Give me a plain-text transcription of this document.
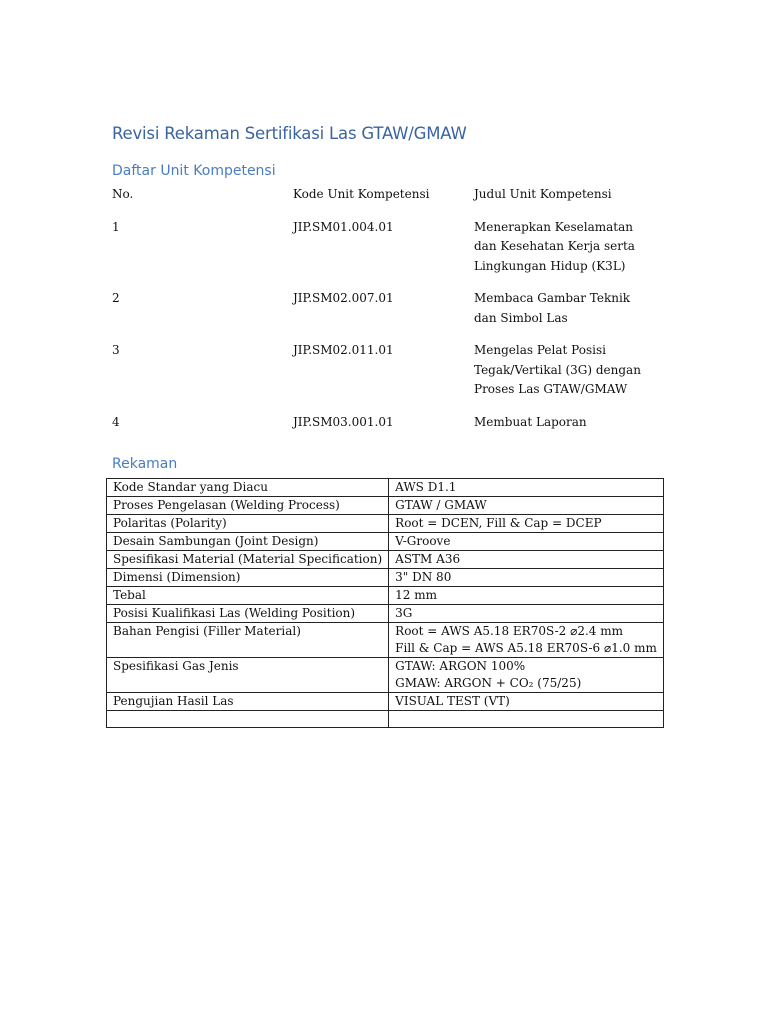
Revisi Rekaman Sertifikasi Las GTAW/GMAW
Daftar Unit Kompetensi
No.	Kode Unit Kompetensi	Judul Unit Kompetensi
1	JIP.SM01.004.01	Menerapkan Keselamatan
dan Kesehatan Kerja serta
Lingkungan Hidup (K3L)
2	JIP.SM02.007.01	Membaca Gambar Teknik
dan Simbol Las
3	JIP.SM02.011.01	Mengelas Pelat Posisi
Tegak/Vertikal (3G) dengan
Proses Las GTAW/GMAW
4	JIP.SM03.001.01	Membuat Laporan
Rekaman
Kode Standar yang Diacu	AWS D1.1

Proses Pengelasan (Welding Process)	GTAW / GMAW

Polaritas (Polarity)	Root = DCEN, Fill & Cap = DCEP

Desain Sambungan (Joint Design)	V-Groove

Spesifikasi Material (Material Specification)	ASTM A36

Dimensi (Dimension)	3" DN 80

Tebal	12 mm

Posisi Kualifikasi Las (Welding Position)	3G

Bahan Pengisi (Filler Material)	Root = AWS A5.18 ER70S-2 ⌀2.4 mm
Fill & Cap = AWS A5.18 ER70S-6 ⌀1.0 mm

Spesifikasi Gas Jenis	GTAW: ARGON 100%
GMAW: ARGON + CO₂ (75/25)

Pengujian Hasil Las	VISUAL TEST (VT)
